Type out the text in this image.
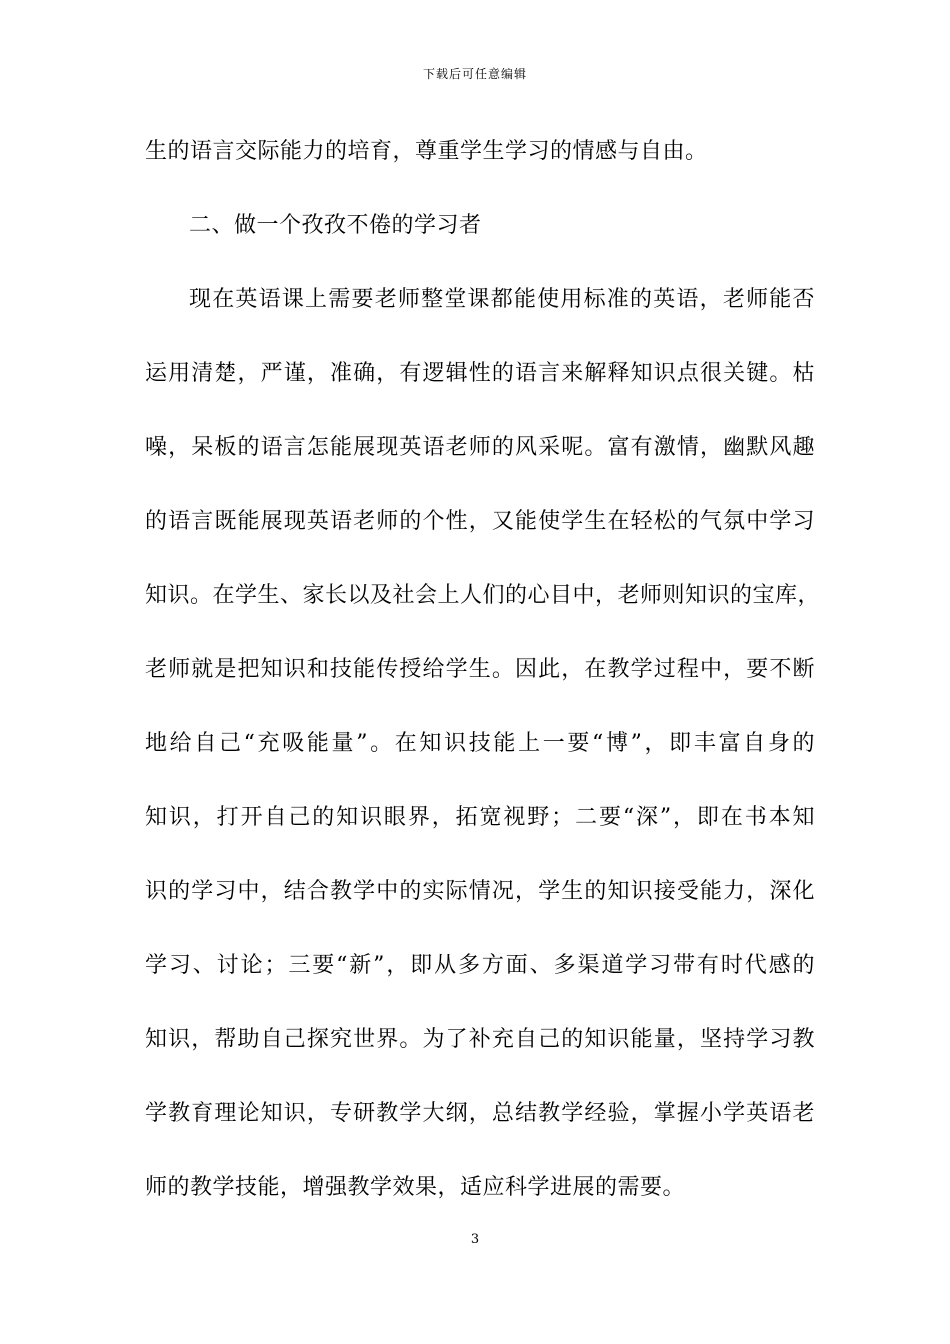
下载后可任意编辑
生的语言交际能力的培育，尊重学生学习的情感与自由。
二、做一个孜孜不倦的学习者
现在英语课上需要老师整堂课都能使用标准的英语，老师能否
运用清楚，严谨，准确，有逻辑性的语言来解释知识点很关键。枯
噪，呆板的语言怎能展现英语老师的风采呢。富有激情，幽默风趣
的语言既能展现英语老师的个性，又能使学生在轻松的气氛中学习
知识。在学生、家长以及社会上人们的心目中，老师则知识的宝库，
老师就是把知识和技能传授给学生。因此，在教学过程中，要不断
地给自己“充吸能量”。在知识技能上一要“博”，即丰富自身的
知识，打开自己的知识眼界，拓宽视野；二要“深”，即在书本知
识的学习中，结合教学中的实际情况，学生的知识接受能力，深化
学习、讨论；三要“新”，即从多方面、多渠道学习带有时代感的
知识，帮助自己探究世界。为了补充自己的知识能量，坚持学习教
学教育理论知识，专研教学大纲，总结教学经验，掌握小学英语老
师的教学技能，增强教学效果，适应科学进展的需要。
3
